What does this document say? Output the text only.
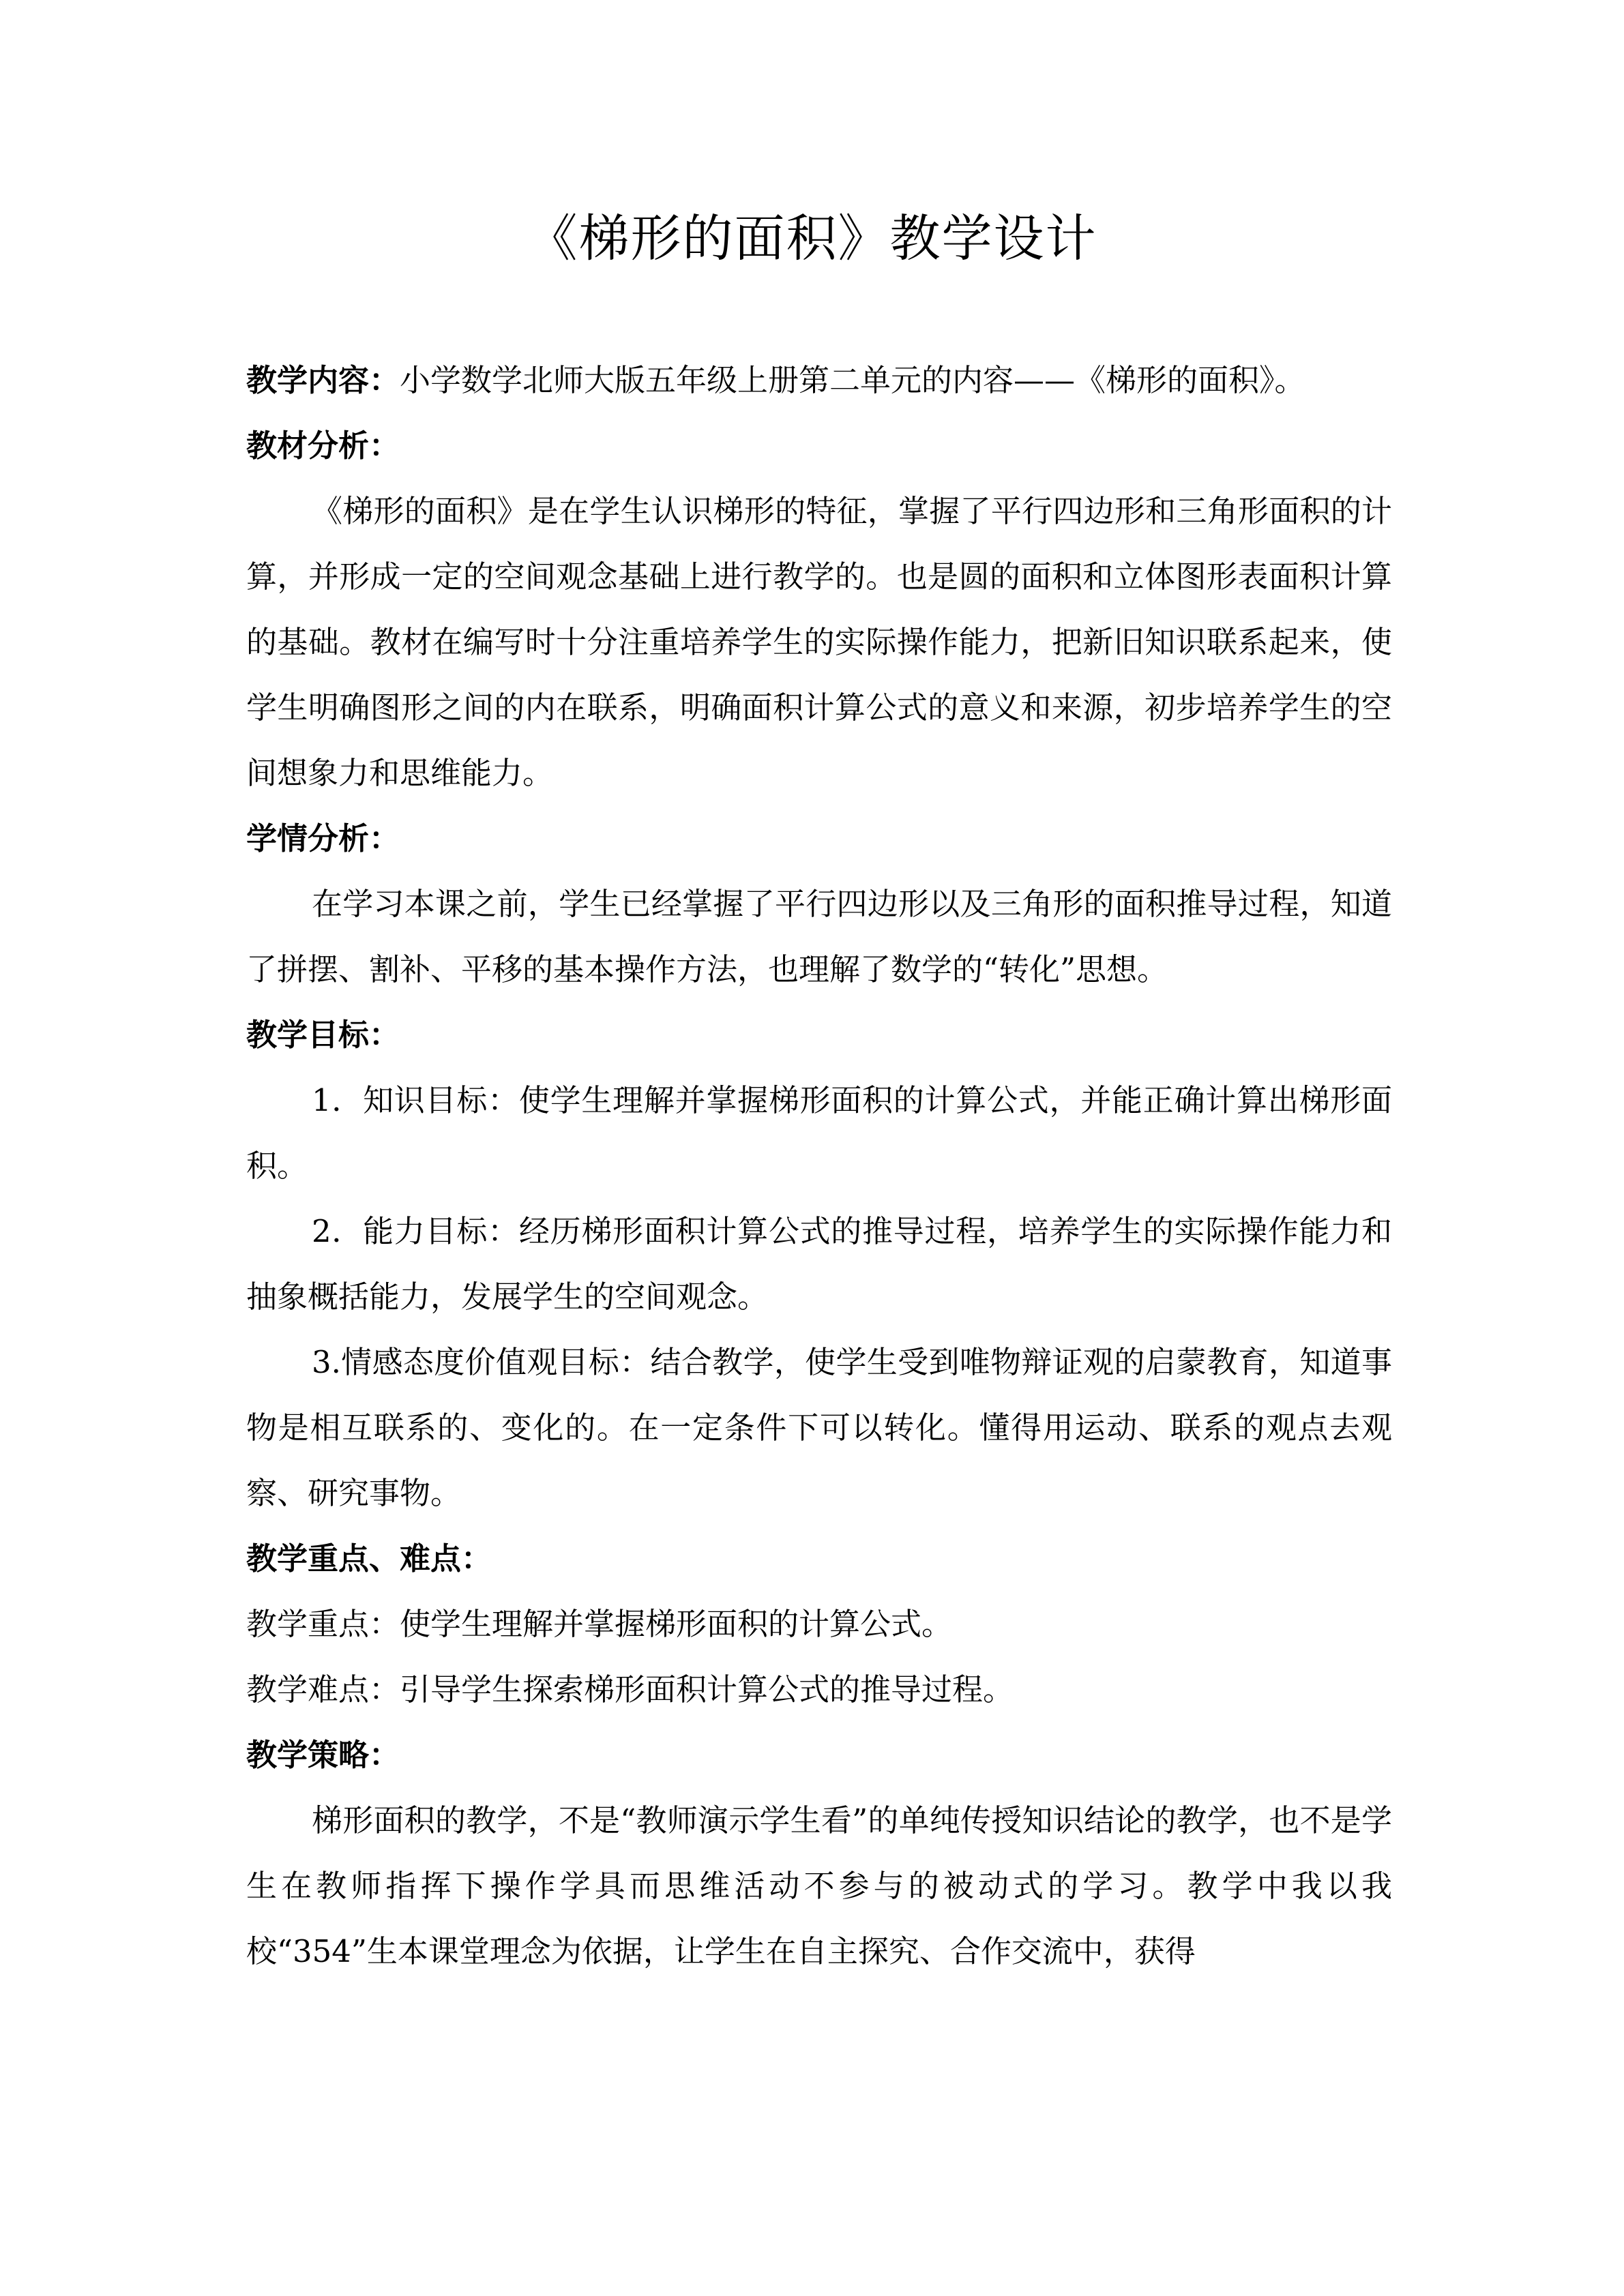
《梯形的面积》教学设计

教学内容：小学数学北师大版五年级上册第二单元的内容——《梯形的面积》。

教材分析：

《梯形的面积》是在学生认识梯形的特征，掌握了平行四边形和三角形面积的计算，并形成一定的空间观念基础上进行教学的。也是圆的面积和立体图形表面积计算的基础。教材在编写时十分注重培养学生的实际操作能力，把新旧知识联系起来，使学生明确图形之间的内在联系，明确面积计算公式的意义和来源，初步培养学生的空间想象力和思维能力。

学情分析：

在学习本课之前，学生已经掌握了平行四边形以及三角形的面积推导过程，知道了拼摆、割补、平移的基本操作方法，也理解了数学的“转化”思想。

教学目标：

1．知识目标：使学生理解并掌握梯形面积的计算公式，并能正确计算出梯形面积。

2．能力目标：经历梯形面积计算公式的推导过程，培养学生的实际操作能力和抽象概括能力，发展学生的空间观念。

3.情感态度价值观目标：结合教学，使学生受到唯物辩证观的启蒙教育，知道事物是相互联系的、变化的。在一定条件下可以转化。懂得用运动、联系的观点去观察、研究事物。

教学重点、难点：

教学重点：使学生理解并掌握梯形面积的计算公式。

教学难点：引导学生探索梯形面积计算公式的推导过程。

教学策略：

梯形面积的教学，不是“教师演示学生看”的单纯传授知识结论的教学，也不是学生在教师指挥下操作学具而思维活动不参与的被动式的学习。教学中我以我校“354”生本课堂理念为依据，让学生在自主探究、合作交流中，获得
